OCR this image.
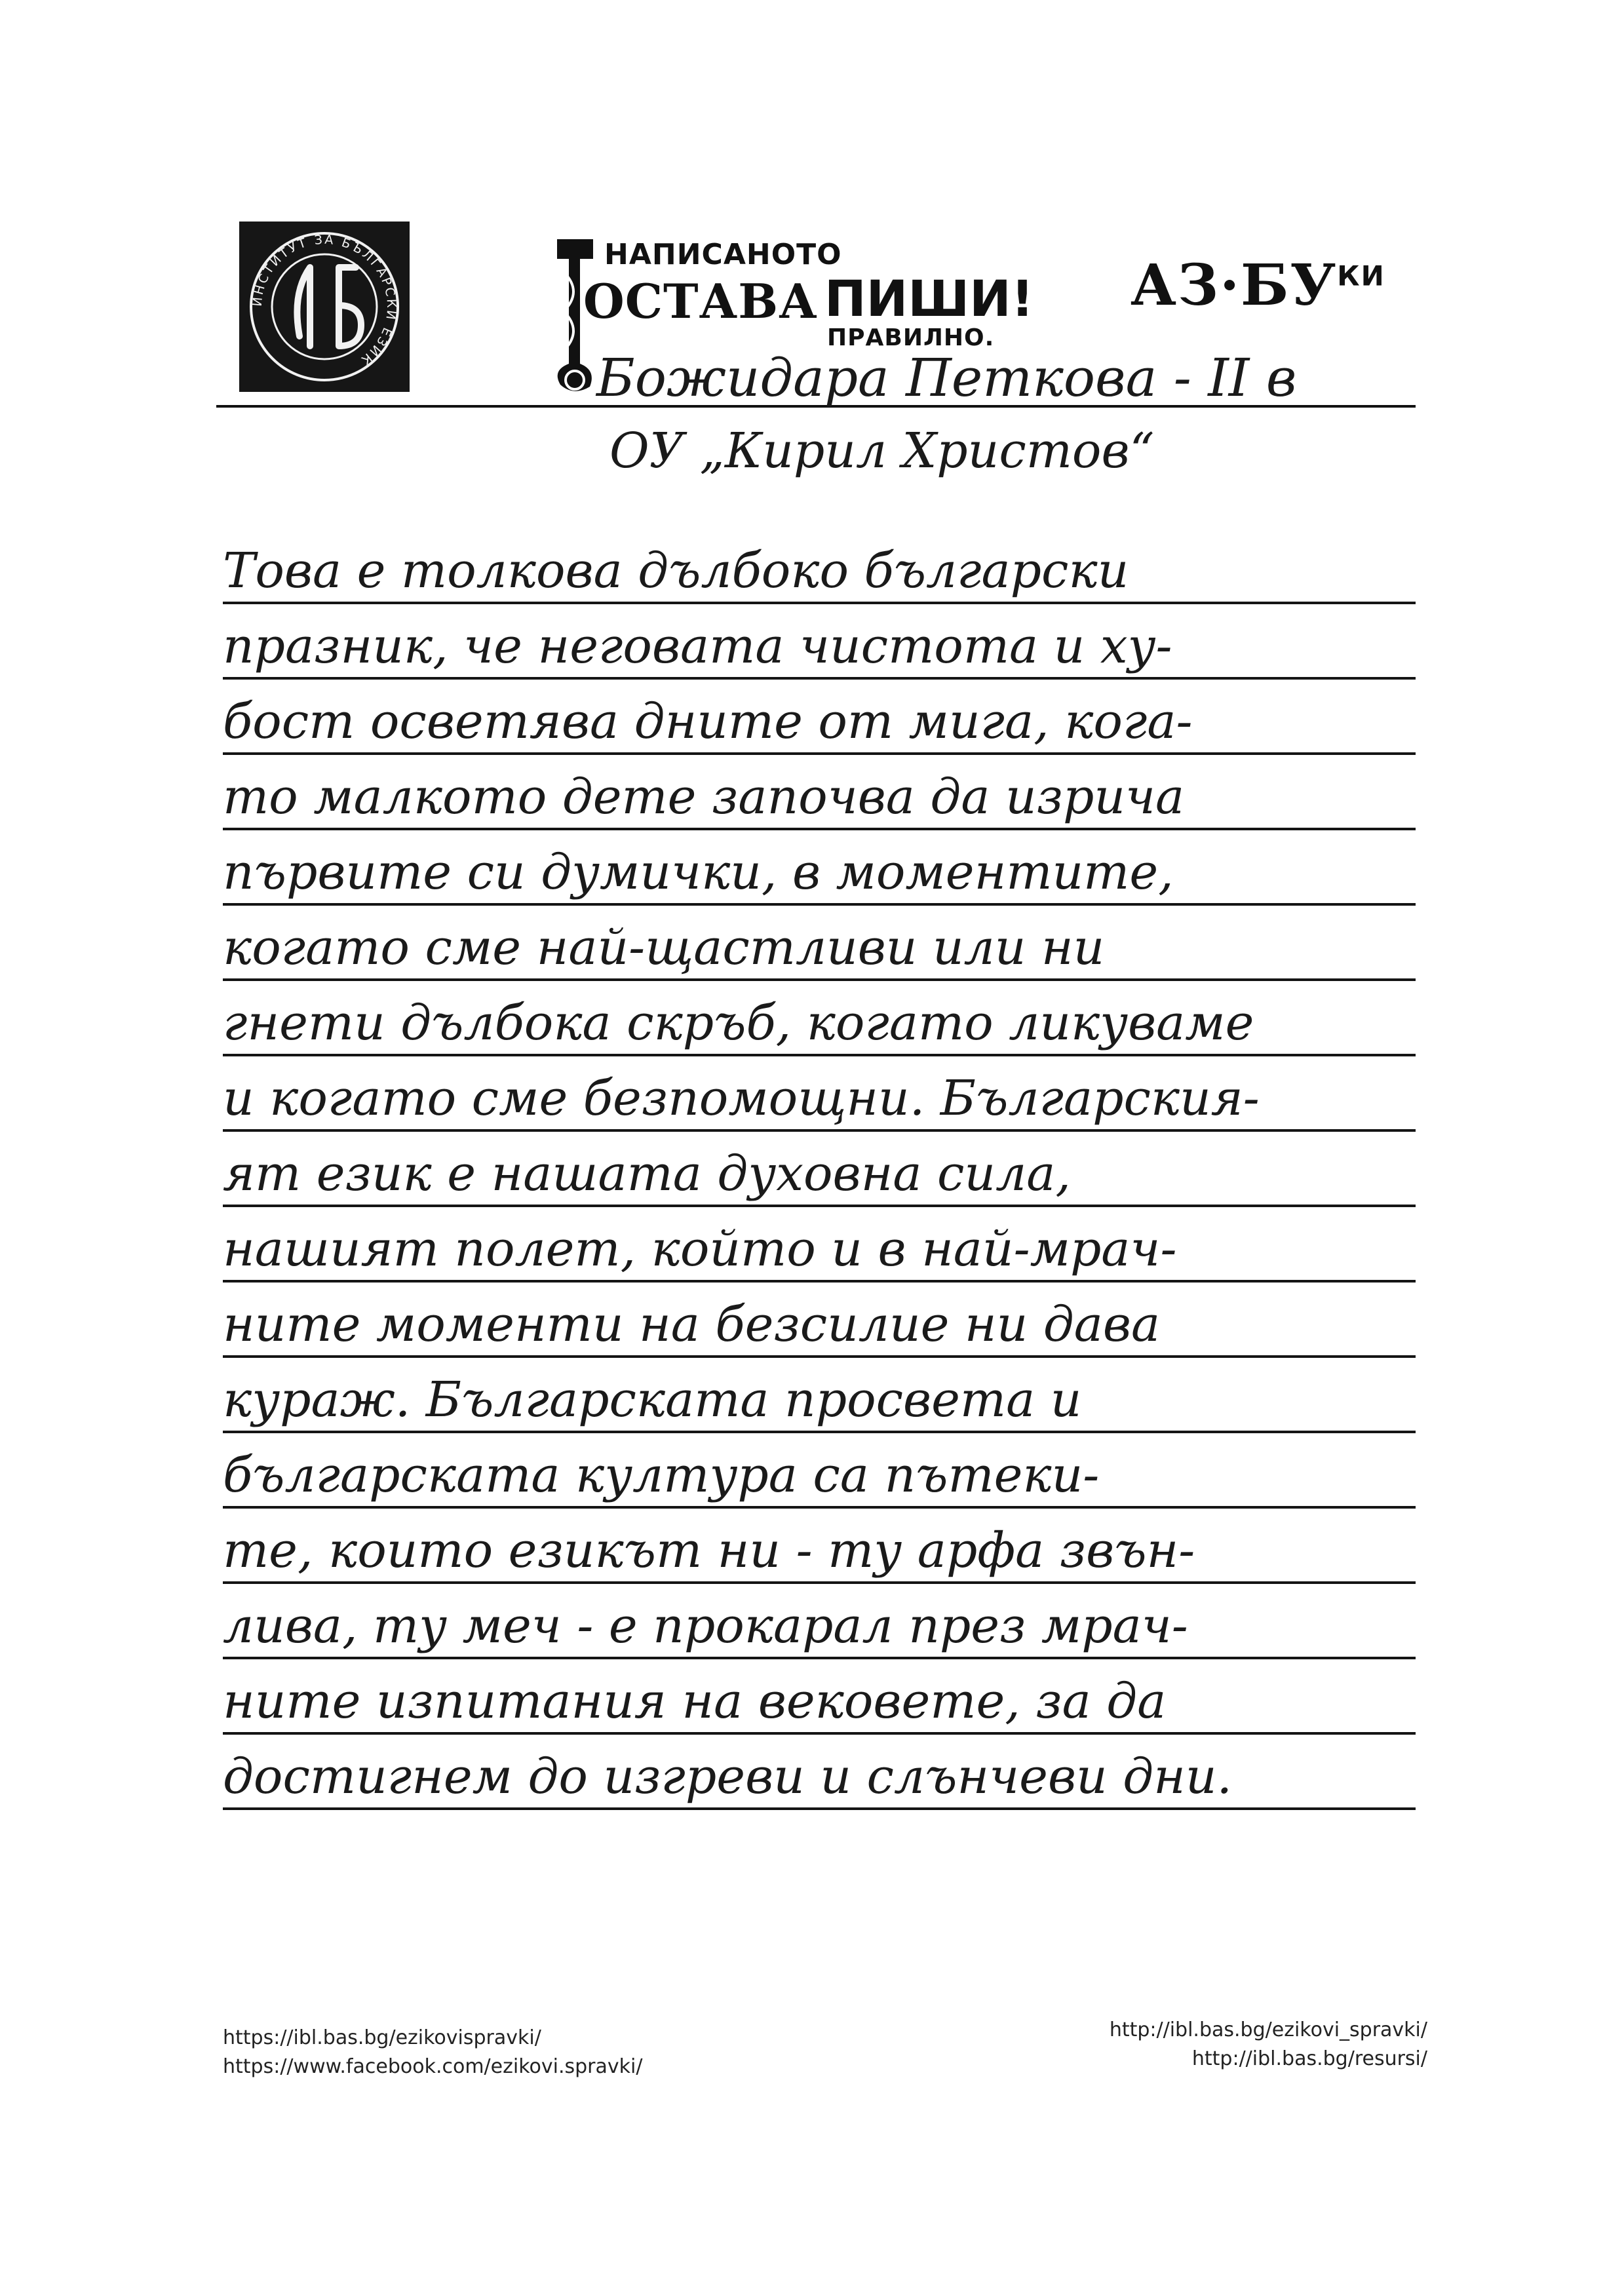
ИНСТИТУТ ЗА БЪЛГАРСКИ ЕЗИК
НАПИСАНОТО
ОСТАВА ПИШИ!
ПРАВИЛНО.
$АЗ\cdot БУ^{КИ}$
Божидара Петкова - II в
ОУ „Кирил Христов“
Това е толкова дълбоко български
празник, че неговата чистота и ху-
бост осветява дните от мига, кога-
то малкото дете започва да изрича
първите си думички, в моментите,
когато сме най-щастливи или ни
гнети дълбока скръб, когато ликуваме
и когато сме безпомощни. Българския-
ят език е нашата духовна сила,
нашият полет, който и в най-мрач-
ните моменти на безсилие ни дава
кураж. Българската просвета и
българската култура са пътеки-
те, които езикът ни - ту арфа звън-
лива, ту меч - е прокарал през мрач-
ните изпитания на вековете, за да
достигнем до изгреви и слънчеви дни.
https://ibl.bas.bg/ezikovispravki/
https://www.facebook.com/ezikovi.spravki/
http://ibl.bas.bg/ezikovi_spravki/
http://ibl.bas.bg/resursi/
